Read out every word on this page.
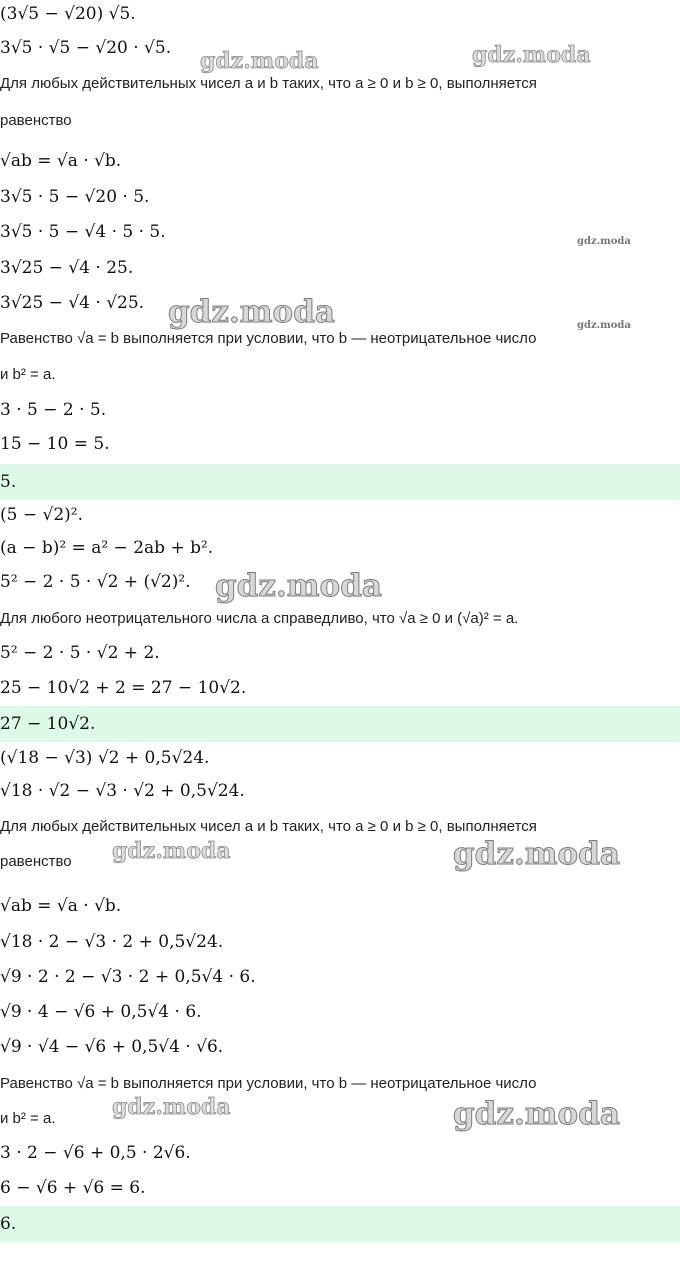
(3√5 − √20) √5.
3√5 · √5 − √20 · √5.
Для любых действительных чисел a и b таких, что a ≥ 0 и b ≥ 0, выполняется
равенство
√ab = √a · √b.
3√5 · 5 − √20 · 5.
3√5 · 5 − √4 · 5 · 5.
3√25 − √4 · 25.
3√25 − √4 · √25.
Равенство √a = b выполняется при условии, что b — неотрицательное число
и b² = a.
3 · 5 − 2 · 5.
15 − 10 = 5.
5.
(5 − √2)².
(a − b)² = a² − 2ab + b².
5² − 2 · 5 · √2 + (√2)².
Для любого неотрицательного числа a справедливо, что √a ≥ 0 и (√a)² = a.
5² − 2 · 5 · √2 + 2.
25 − 10√2 + 2 = 27 − 10√2.
27 − 10√2.
(√18 − √3) √2 + 0,5√24.
√18 · √2 − √3 · √2 + 0,5√24.
Для любых действительных чисел a и b таких, что a ≥ 0 и b ≥ 0, выполняется
равенство
√ab = √a · √b.
√18 · 2 − √3 · 2 + 0,5√24.
√9 · 2 · 2 − √3 · 2 + 0,5√4 · 6.
√9 · 4 − √6 + 0,5√4 · 6.
√9 · √4 − √6 + 0,5√4 · √6.
Равенство √a = b выполняется при условии, что b — неотрицательное число
и b² = a.
3 · 2 − √6 + 0,5 · 2√6.
6 − √6 + √6 = 6.
6.
gdz.moda	gdz.moda
gdz.moda
gdz.moda	gdz.moda
gdz.moda
gdz.moda	gdz.moda
gdz.moda	gdz.moda
